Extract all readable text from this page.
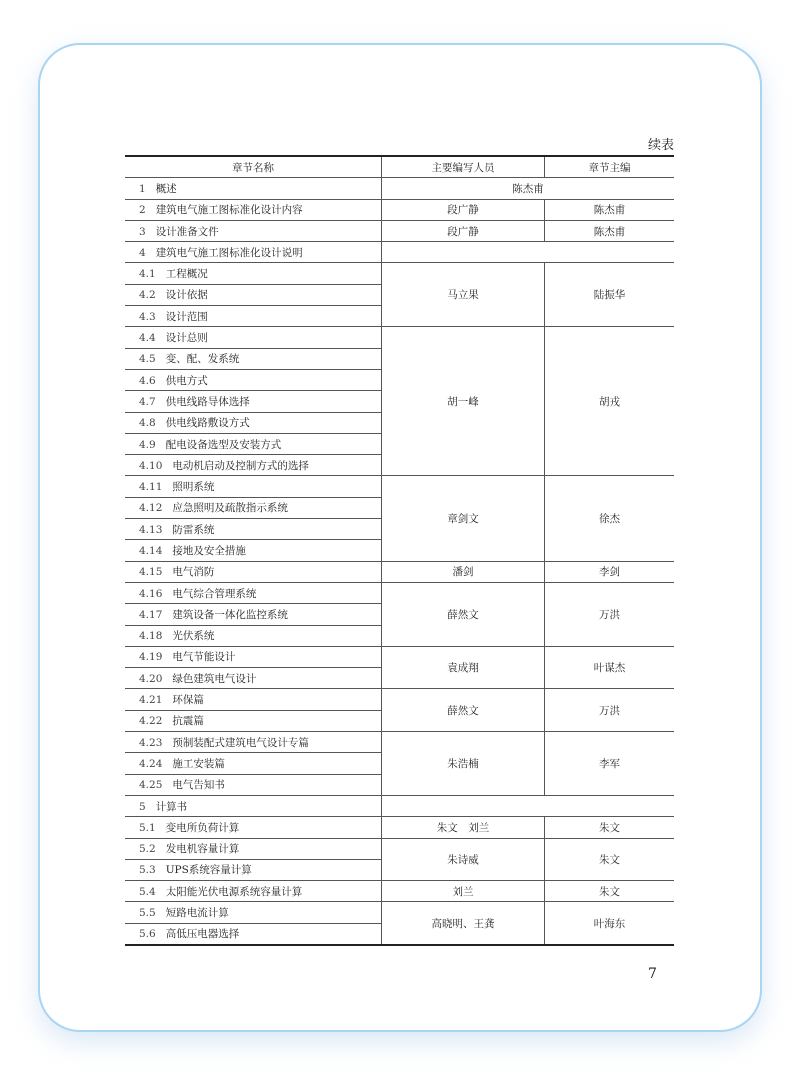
续表
章节名称	主要编写人员	章节主编
1 概述	陈杰甫	
2 建筑电气施工图标准化设计内容	段广静	陈杰甫
3 设计准备文件	段广静	陈杰甫
4 建筑电气施工图标准化设计说明		
4.1 工程概况	马立果	陆振华
4.2 设计依据		
4.3 设计范围		
4.4 设计总则	胡一峰	胡戎
4.5 变、配、发系统		
4.6 供电方式		
4.7 供电线路导体选择		
4.8 供电线路敷设方式		
4.9 配电设备选型及安装方式		
4.10 电动机启动及控制方式的选择		
4.11 照明系统	章剑文	徐杰
4.12 应急照明及疏散指示系统		
4.13 防雷系统		
4.14 接地及安全措施		
4.15 电气消防	潘剑	李剑
4.16 电气综合管理系统	薛然文	万洪
4.17 建筑设备一体化监控系统		
4.18 光伏系统		
4.19 电气节能设计	袁成翔	叶谋杰
4.20 绿色建筑电气设计		
4.21 环保篇	薛然文	万洪
4.22 抗震篇		
4.23 预制装配式建筑电气设计专篇	朱浩楠	李军
4.24 施工安装篇		
4.25 电气告知书		
5 计算书		
5.1 变电所负荷计算	朱文　刘兰	朱文
5.2 发电机容量计算	朱诗威	朱文
5.3 UPS系统容量计算		
5.4 太阳能光伏电源系统容量计算	刘兰	朱文
5.5 短路电流计算	高晓明、王龚	叶海东
5.6 高低压电器选择		
7
